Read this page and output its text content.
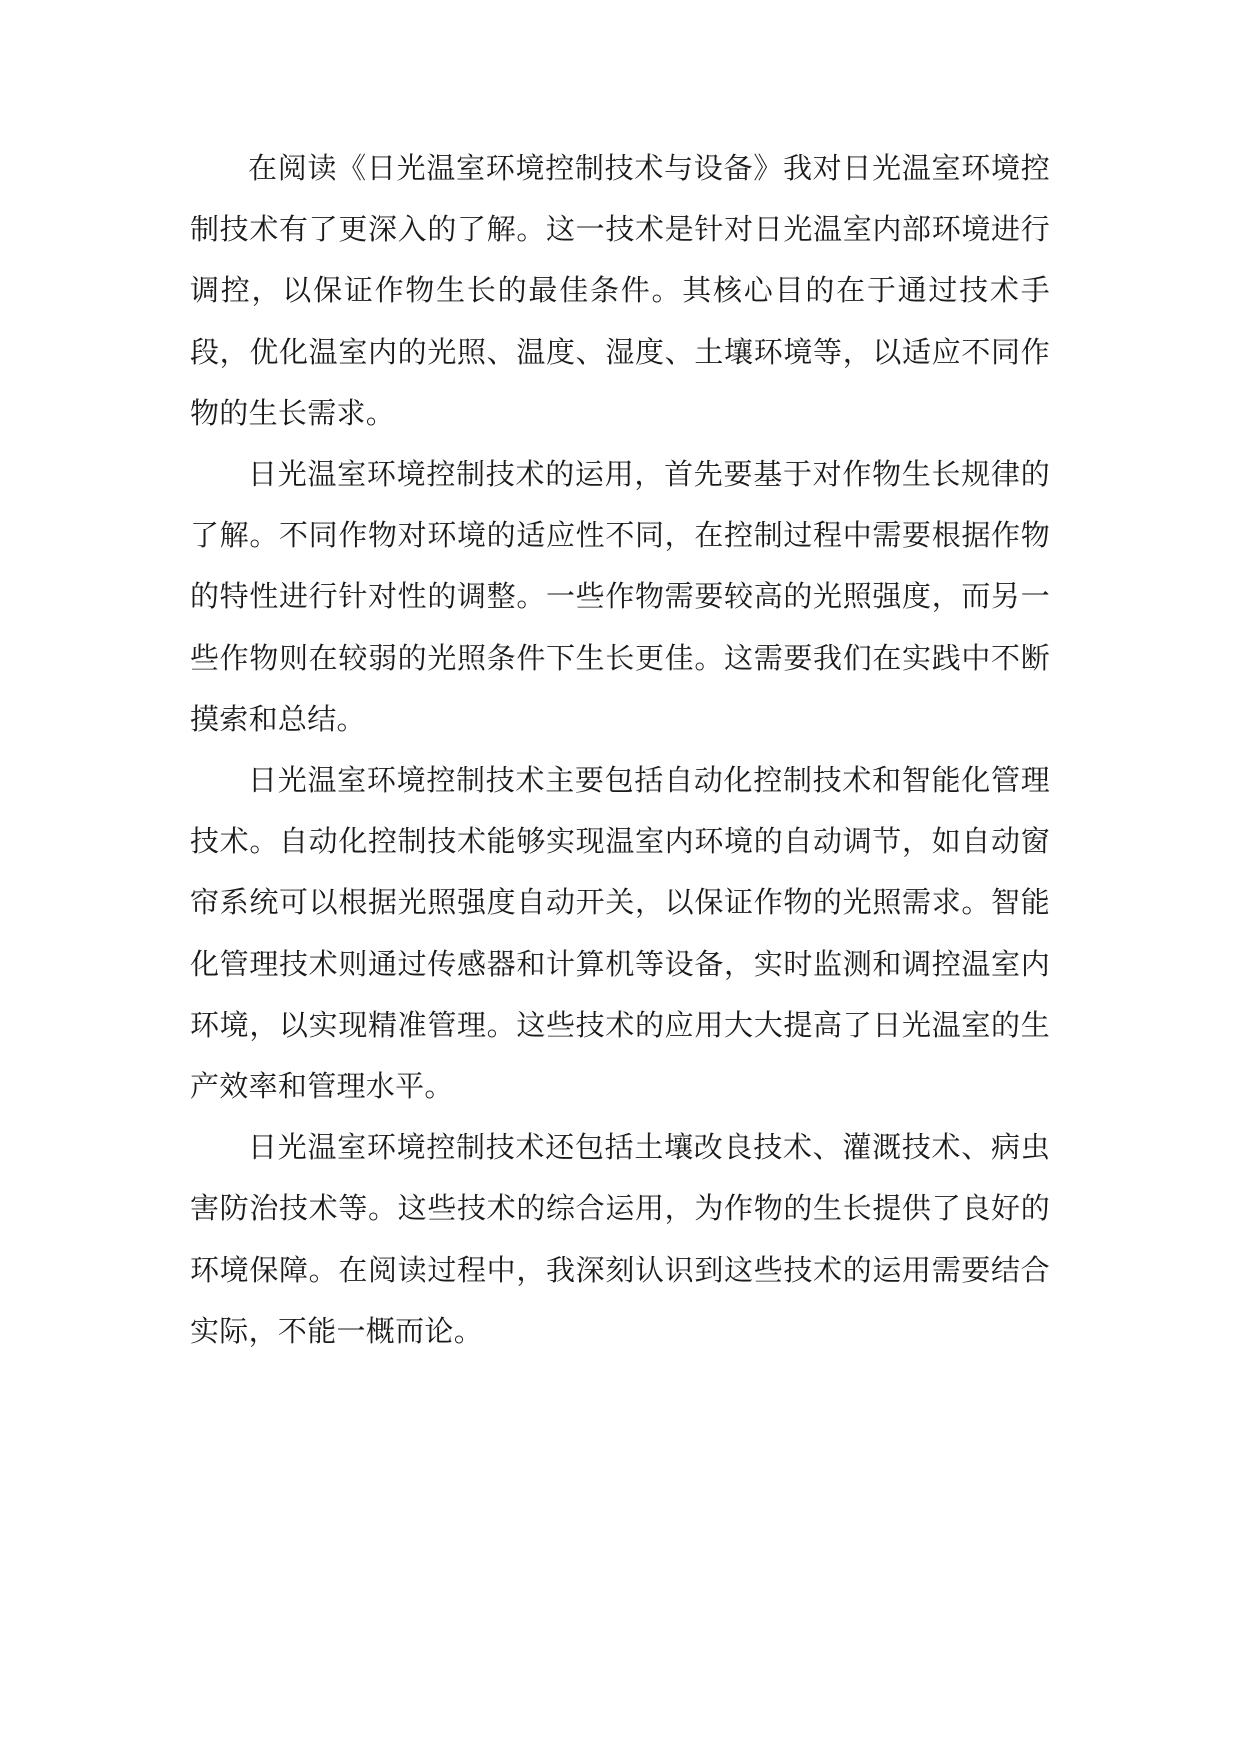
在阅读《日光温室环境控制技术与设备》我对日光温室环境控制技术有了更深入的了解。这一技术是针对日光温室内部环境进行调控，以保证作物生长的最佳条件。其核心目的在于通过技术手段，优化温室内的光照、温度、湿度、土壤环境等，以适应不同作物的生长需求。

日光温室环境控制技术的运用，首先要基于对作物生长规律的了解。不同作物对环境的适应性不同，在控制过程中需要根据作物的特性进行针对性的调整。一些作物需要较高的光照强度，而另一些作物则在较弱的光照条件下生长更佳。这需要我们在实践中不断摸索和总结。

日光温室环境控制技术主要包括自动化控制技术和智能化管理技术。自动化控制技术能够实现温室内环境的自动调节，如自动窗帘系统可以根据光照强度自动开关，以保证作物的光照需求。智能化管理技术则通过传感器和计算机等设备，实时监测和调控温室内环境，以实现精准管理。这些技术的应用大大提高了日光温室的生产效率和管理水平。

日光温室环境控制技术还包括土壤改良技术、灌溉技术、病虫害防治技术等。这些技术的综合运用，为作物的生长提供了良好的环境保障。在阅读过程中，我深刻认识到这些技术的运用需要结合实际，不能一概而论。
